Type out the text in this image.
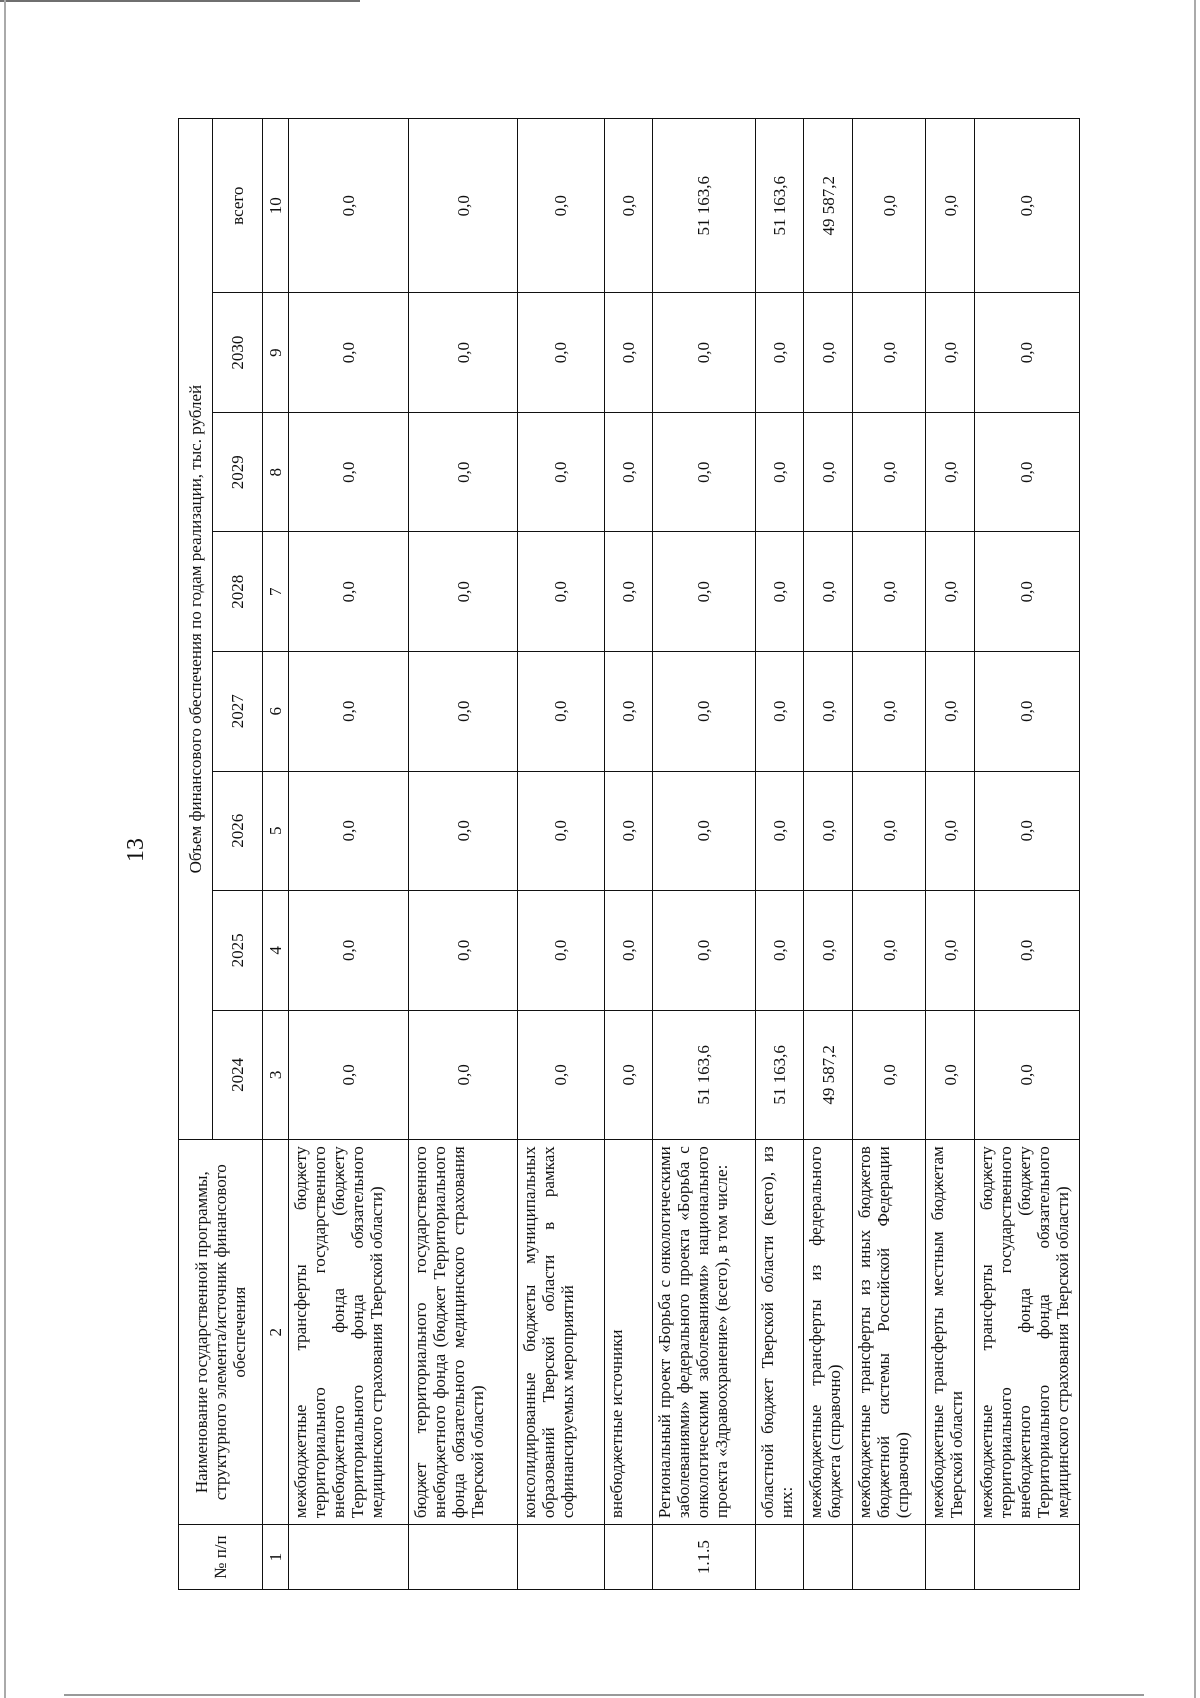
13
№ п/п	Наименование государственной программы, структурного элемента/источник финансового обеспечения	Объем финансового обеспечения по годам реализации, тыс. рублей							
		2024	2025	2026	2027	2028	2029	2030	всего
1	2	3	4	5	6	7	8	9	10
	межбюджетные трансферты бюджету территориального государственного внебюджетного фонда (бюджету Территориального фонда обязательного медицинского страхования Тверской области)	0,0	0,0	0,0	0,0	0,0	0,0	0,0	0,0
	бюджет территориального государственного внебюджетного фонда (бюджет Территориального фонда обязательного медицинского страхования Тверской области)	0,0	0,0	0,0	0,0	0,0	0,0	0,0	0,0
	консолидированные бюджеты муниципальных образований Тверской области в рамках софинансируемых мероприятий	0,0	0,0	0,0	0,0	0,0	0,0	0,0	0,0
	внебюджетные источники	0,0	0,0	0,0	0,0	0,0	0,0	0,0	0,0
1.1.5	Региональный проект «Борьба с онкологическими заболеваниями» федерального проекта «Борьба с онкологическими заболеваниями» национального проекта «Здравоохранение» (всего), в том числе:	51 163,6	0,0	0,0	0,0	0,0	0,0	0,0	51 163,6
	областной бюджет Тверской области (всего), из них:	51 163,6	0,0	0,0	0,0	0,0	0,0	0,0	51 163,6
	межбюджетные трансферты из федерального бюджета (справочно)	49 587,2	0,0	0,0	0,0	0,0	0,0	0,0	49 587,2
	межбюджетные трансферты из иных бюджетов бюджетной системы Российской Федерации (справочно)	0,0	0,0	0,0	0,0	0,0	0,0	0,0	0,0
	межбюджетные трансферты местным бюджетам Тверской области	0,0	0,0	0,0	0,0	0,0	0,0	0,0	0,0
	межбюджетные трансферты бюджету территориального государственного внебюджетного фонда (бюджету Территориального фонда обязательного медицинского страхования Тверской области)	0,0	0,0	0,0	0,0	0,0	0,0	0,0	0,0
